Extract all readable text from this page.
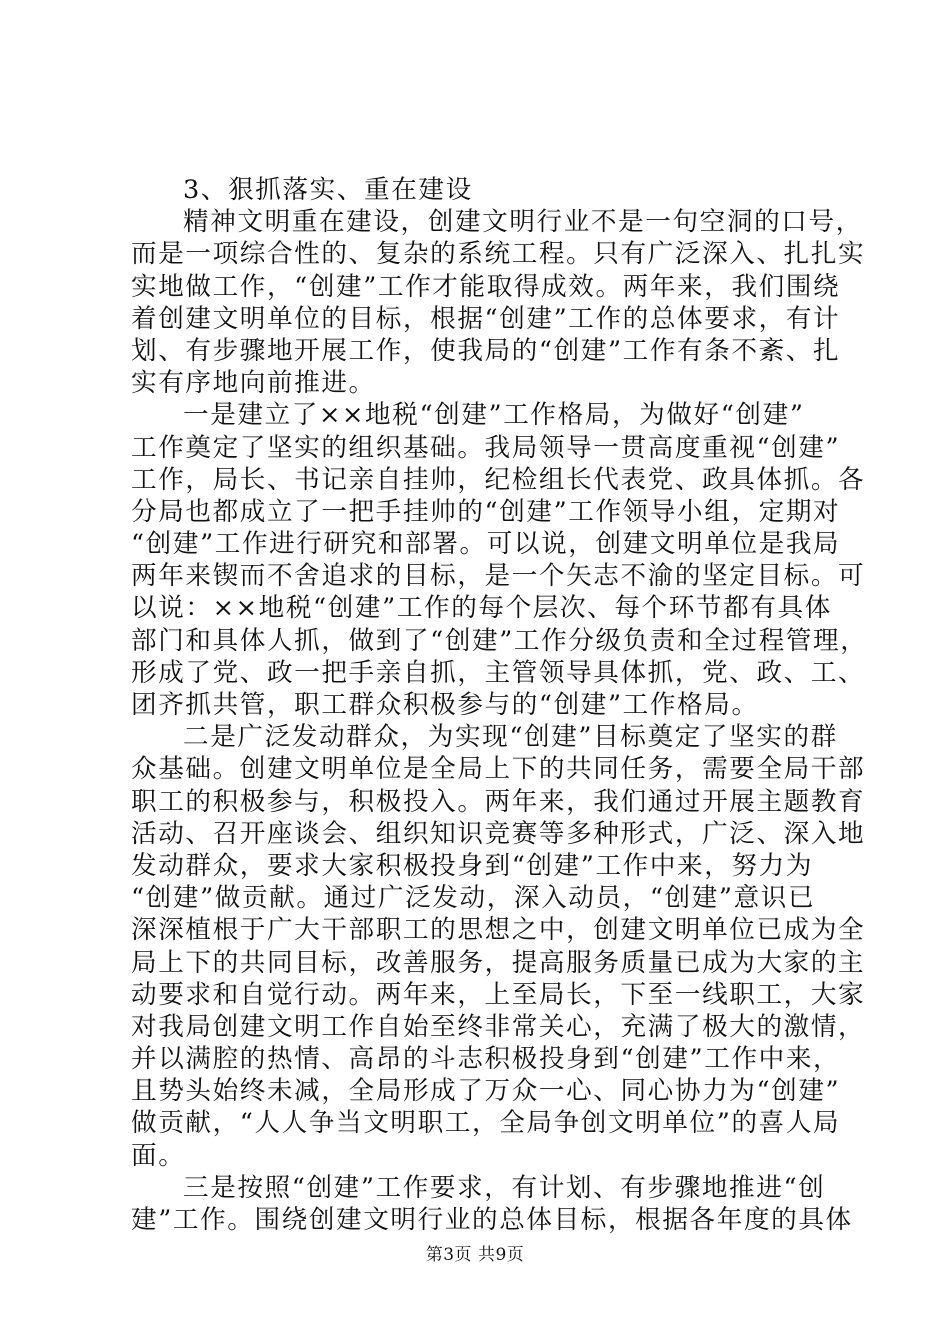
3、狠抓落实、重在建设
精神文明重在建设，创建文明行业不是一句空洞的口号，
而是一项综合性的、复杂的系统工程。只有广泛深入、扎扎实
实地做工作，“创建”工作才能取得成效。两年来，我们围绕
着创建文明单位的目标，根据“创建”工作的总体要求，有计
划、有步骤地开展工作，使我局的“创建”工作有条不紊、扎
实有序地向前推进。
一是建立了××地税“创建”工作格局，为做好“创建”
工作奠定了坚实的组织基础。我局领导一贯高度重视“创建”
工作，局长、书记亲自挂帅，纪检组长代表党、政具体抓。各
分局也都成立了一把手挂帅的“创建”工作领导小组，定期对
“创建”工作进行研究和部署。可以说，创建文明单位是我局
两年来锲而不舍追求的目标，是一个矢志不渝的坚定目标。可
以说：××地税“创建”工作的每个层次、每个环节都有具体
部门和具体人抓，做到了“创建”工作分级负责和全过程管理，
形成了党、政一把手亲自抓，主管领导具体抓，党、政、工、
团齐抓共管，职工群众积极参与的“创建”工作格局。
二是广泛发动群众，为实现“创建”目标奠定了坚实的群
众基础。创建文明单位是全局上下的共同任务，需要全局干部
职工的积极参与，积极投入。两年来，我们通过开展主题教育
活动、召开座谈会、组织知识竞赛等多种形式，广泛、深入地
发动群众，要求大家积极投身到“创建”工作中来，努力为
“创建”做贡献。通过广泛发动，深入动员，“创建”意识已
深深植根于广大干部职工的思想之中，创建文明单位已成为全
局上下的共同目标，改善服务，提高服务质量已成为大家的主
动要求和自觉行动。两年来，上至局长，下至一线职工，大家
对我局创建文明工作自始至终非常关心，充满了极大的激情，
并以满腔的热情、高昂的斗志积极投身到“创建”工作中来，
且势头始终未减，全局形成了万众一心、同心协力为“创建”
做贡献，“人人争当文明职工，全局争创文明单位”的喜人局
面。
三是按照“创建”工作要求，有计划、有步骤地推进“创
建”工作。围绕创建文明行业的总体目标，根据各年度的具体
第3页 共9页
